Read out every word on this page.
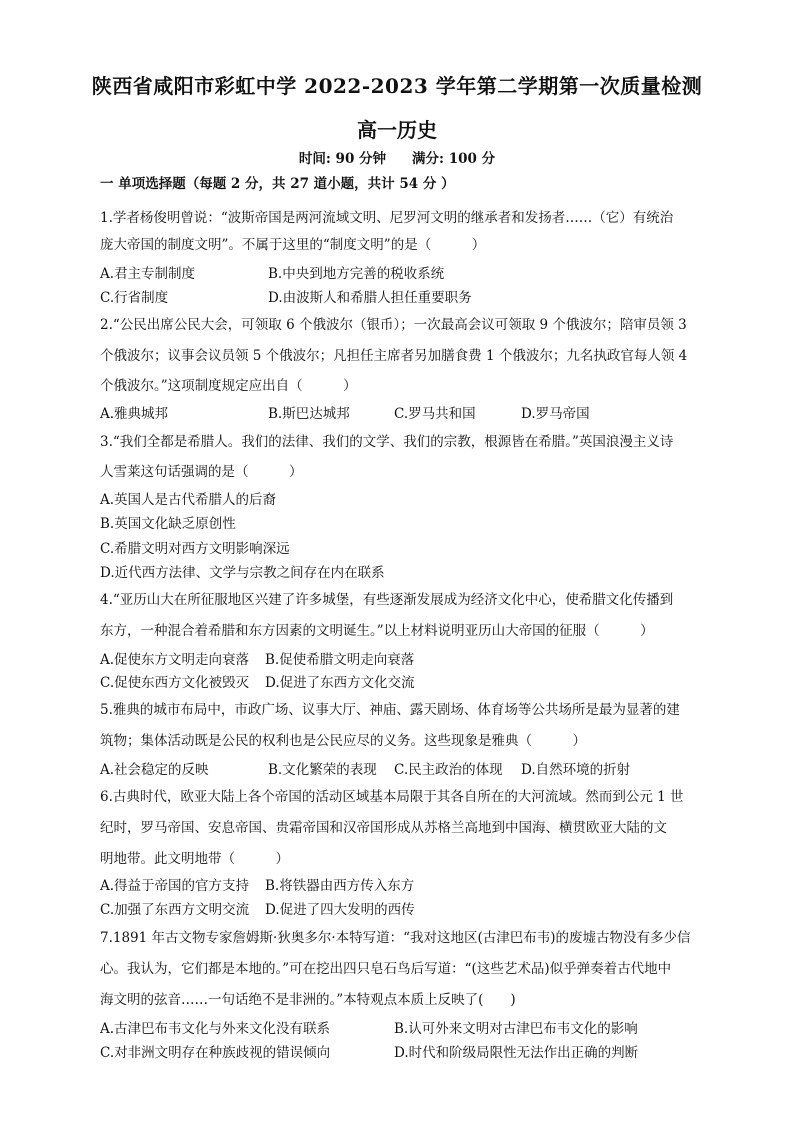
陕西省咸阳市彩虹中学 2022-2023 学年第二学期第一次质量检测
高一历史
时间: 90 分钟 满分: 100 分
一 单项选择题（每题 2 分，共 27 道小题，共计 54 分 ）
1.学者杨俊明曾说：“波斯帝国是两河流域文明、尼罗河文明的继承者和发扬者……（它）有统治
庞大帝国的制度文明”。不属于这里的“制度文明”的是（　　　）
A.君主专制制度	B.中央到地方完善的税收系统
C.行省制度	D.由波斯人和希腊人担任重要职务
2.“公民出席公民大会，可领取 6 个俄波尔（银币）；一次最高会议可领取 9 个俄波尔；陪审员领 3
个俄波尔；议事会议员领 5 个俄波尔；凡担任主席者另加膳食费 1 个俄波尔；九名执政官每人领 4
个俄波尔。”这项制度规定应出自（　　　）
A.雅典城邦	B.斯巴达城邦	C.罗马共和国	D.罗马帝国
3.“我们全都是希腊人。我们的法律、我们的文学、我们的宗教，根源皆在希腊。”英国浪漫主义诗
人雪莱这句话强调的是（　　　）
A.英国人是古代希腊人的后裔
B.英国文化缺乏原创性
C.希腊文明对西方文明影响深远
D.近代西方法律、文学与宗教之间存在内在联系
4.“亚历山大在所征服地区兴建了许多城堡，有些逐渐发展成为经济文化中心，使希腊文化传播到
东方，一种混合着希腊和东方因素的文明诞生。”以上材料说明亚历山大帝国的征服（　　　）
A.促使东方文明走向衰落 B.促使希腊文明走向衰落
C.促使东西方文化被毁灭 D.促进了东西方文化交流
5.雅典的城市布局中，市政广场、议事大厅、神庙、露天剧场、体育场等公共场所是最为显著的建
筑物；集体活动既是公民的权利也是公民应尽的义务。这些现象是雅典（　　　）
A.社会稳定的反映	B.文化繁荣的表现 C.民主政治的体现 D.自然环境的折射
6.古典时代，欧亚大陆上各个帝国的活动区域基本局限于其各自所在的大河流域。然而到公元 1 世
纪时，罗马帝国、安息帝国、贵霜帝国和汉帝国形成从苏格兰高地到中国海、横贯欧亚大陆的文
明地带。此文明地带（　　　）
A.得益于帝国的官方支持 B.将铁器由西方传入东方
C.加强了东西方文明交流 D.促进了四大发明的西传
7.1891 年古文物专家詹姆斯·狄奥多尔·本特写道：“我对这地区(古津巴布韦)的废墟古物没有多少信
心。我认为，它们都是本地的。”可在挖出四只皂石鸟后写道：“(这些艺术品)似乎弹奏着古代地中
海文明的弦音……一句话绝不是非洲的。”本特观点本质上反映了(　　)
A.古津巴布韦文化与外来文化没有联系	B.认可外来文明对古津巴布韦文化的影响
C.对非洲文明存在种族歧视的错误倾向	D.时代和阶级局限性无法作出正确的判断
